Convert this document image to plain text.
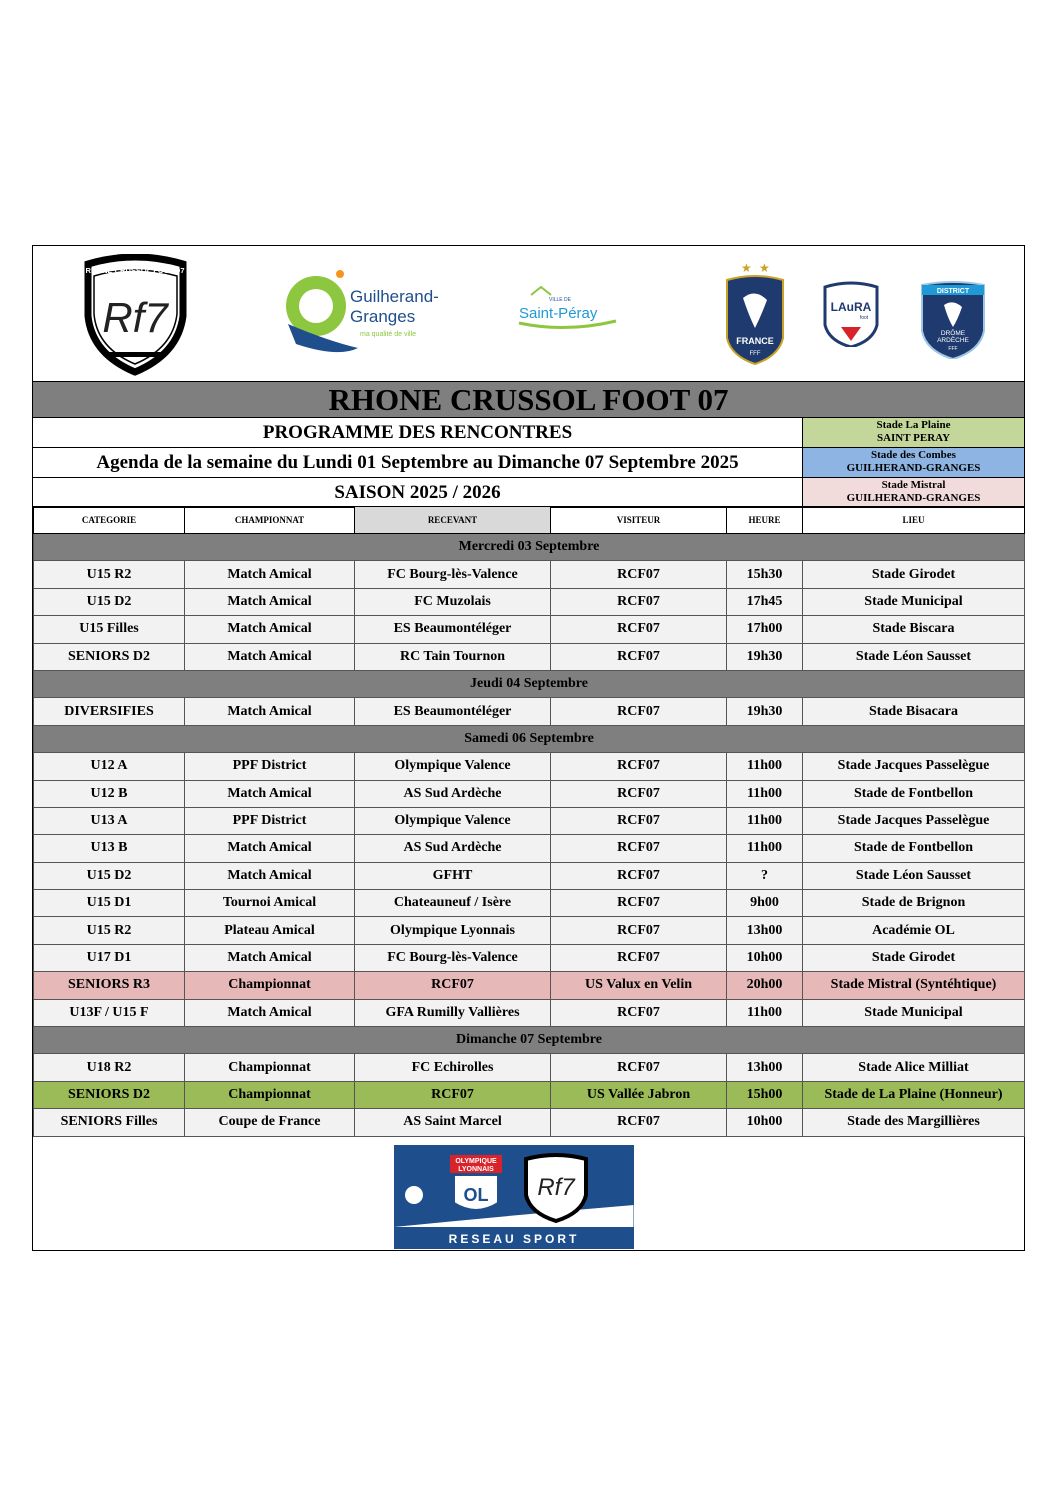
RHÔNE CRUSSOL FOOT 07
Rf7	Guilherand-
Granges
ma qualité de ville
VILLE DE
Saint-Péray
★ ★
FRANCE
FFF
LAuRA
foot
DISTRICT
DRÔME
ARDÈCHE
FFF
RHONE CRUSSOL FOOT 07
PROGRAMME DES RENCONTRES
Agenda de la semaine du Lundi 01 Septembre au Dimanche 07 Septembre 2025
SAISON 2025 / 2026
Stade La Plaine
SAINT PERAY
Stade des Combes
GUILHERAND-GRANGES
Stade Mistral
GUILHERAND-GRANGES
CATEGORIE	CHAMPIONNAT	RECEVANT	VISITEUR	HEURE	LIEU
Mercredi 03 Septembre					
U15 R2	Match Amical	FC Bourg-lès-Valence	RCF07	15h30	Stade Girodet
U15 D2	Match Amical	FC Muzolais	RCF07	17h45	Stade Municipal
U15 Filles	Match Amical	ES Beaumontéléger	RCF07	17h00	Stade Biscara
SENIORS D2	Match Amical	RC Tain Tournon	RCF07	19h30	Stade Léon Sausset
Jeudi 04 Septembre					
DIVERSIFIES	Match Amical	ES Beaumontéléger	RCF07	19h30	Stade Bisacara
Samedi 06 Septembre					
U12 A	PPF District	Olympique Valence	RCF07	11h00	Stade Jacques Passelègue
U12 B	Match Amical	AS Sud Ardèche	RCF07	11h00	Stade de Fontbellon
U13 A	PPF District	Olympique Valence	RCF07	11h00	Stade Jacques Passelègue
U13 B	Match Amical	AS Sud Ardèche	RCF07	11h00	Stade de Fontbellon
U15 D2	Match Amical	GFHT	RCF07	?	Stade Léon Sausset
U15 D1	Tournoi Amical	Chateauneuf / Isère	RCF07	9h00	Stade de Brignon
U15 R2	Plateau Amical	Olympique Lyonnais	RCF07	13h00	Académie OL
U17 D1	Match Amical	FC Bourg-lès-Valence	RCF07	10h00	Stade Girodet
SENIORS R3	Championnat	RCF07	US Valux en Velin	20h00	Stade Mistral (Syntéhtique)
U13F / U15 F	Match Amical	GFA Rumilly Vallières	RCF07	11h00	Stade Municipal
Dimanche 07 Septembre					
U18 R2	Championnat	FC Echirolles	RCF07	13h00	Stade Alice Milliat
SENIORS D2	Championnat	RCF07	US Vallée Jabron	15h00	Stade de La Plaine (Honneur)
SENIORS Filles	Coupe de France	AS Saint Marcel	RCF07	10h00	Stade des Margillières
OLYMPIQUE
LYONNAIS
OL Rf7
RESEAU SPORT
